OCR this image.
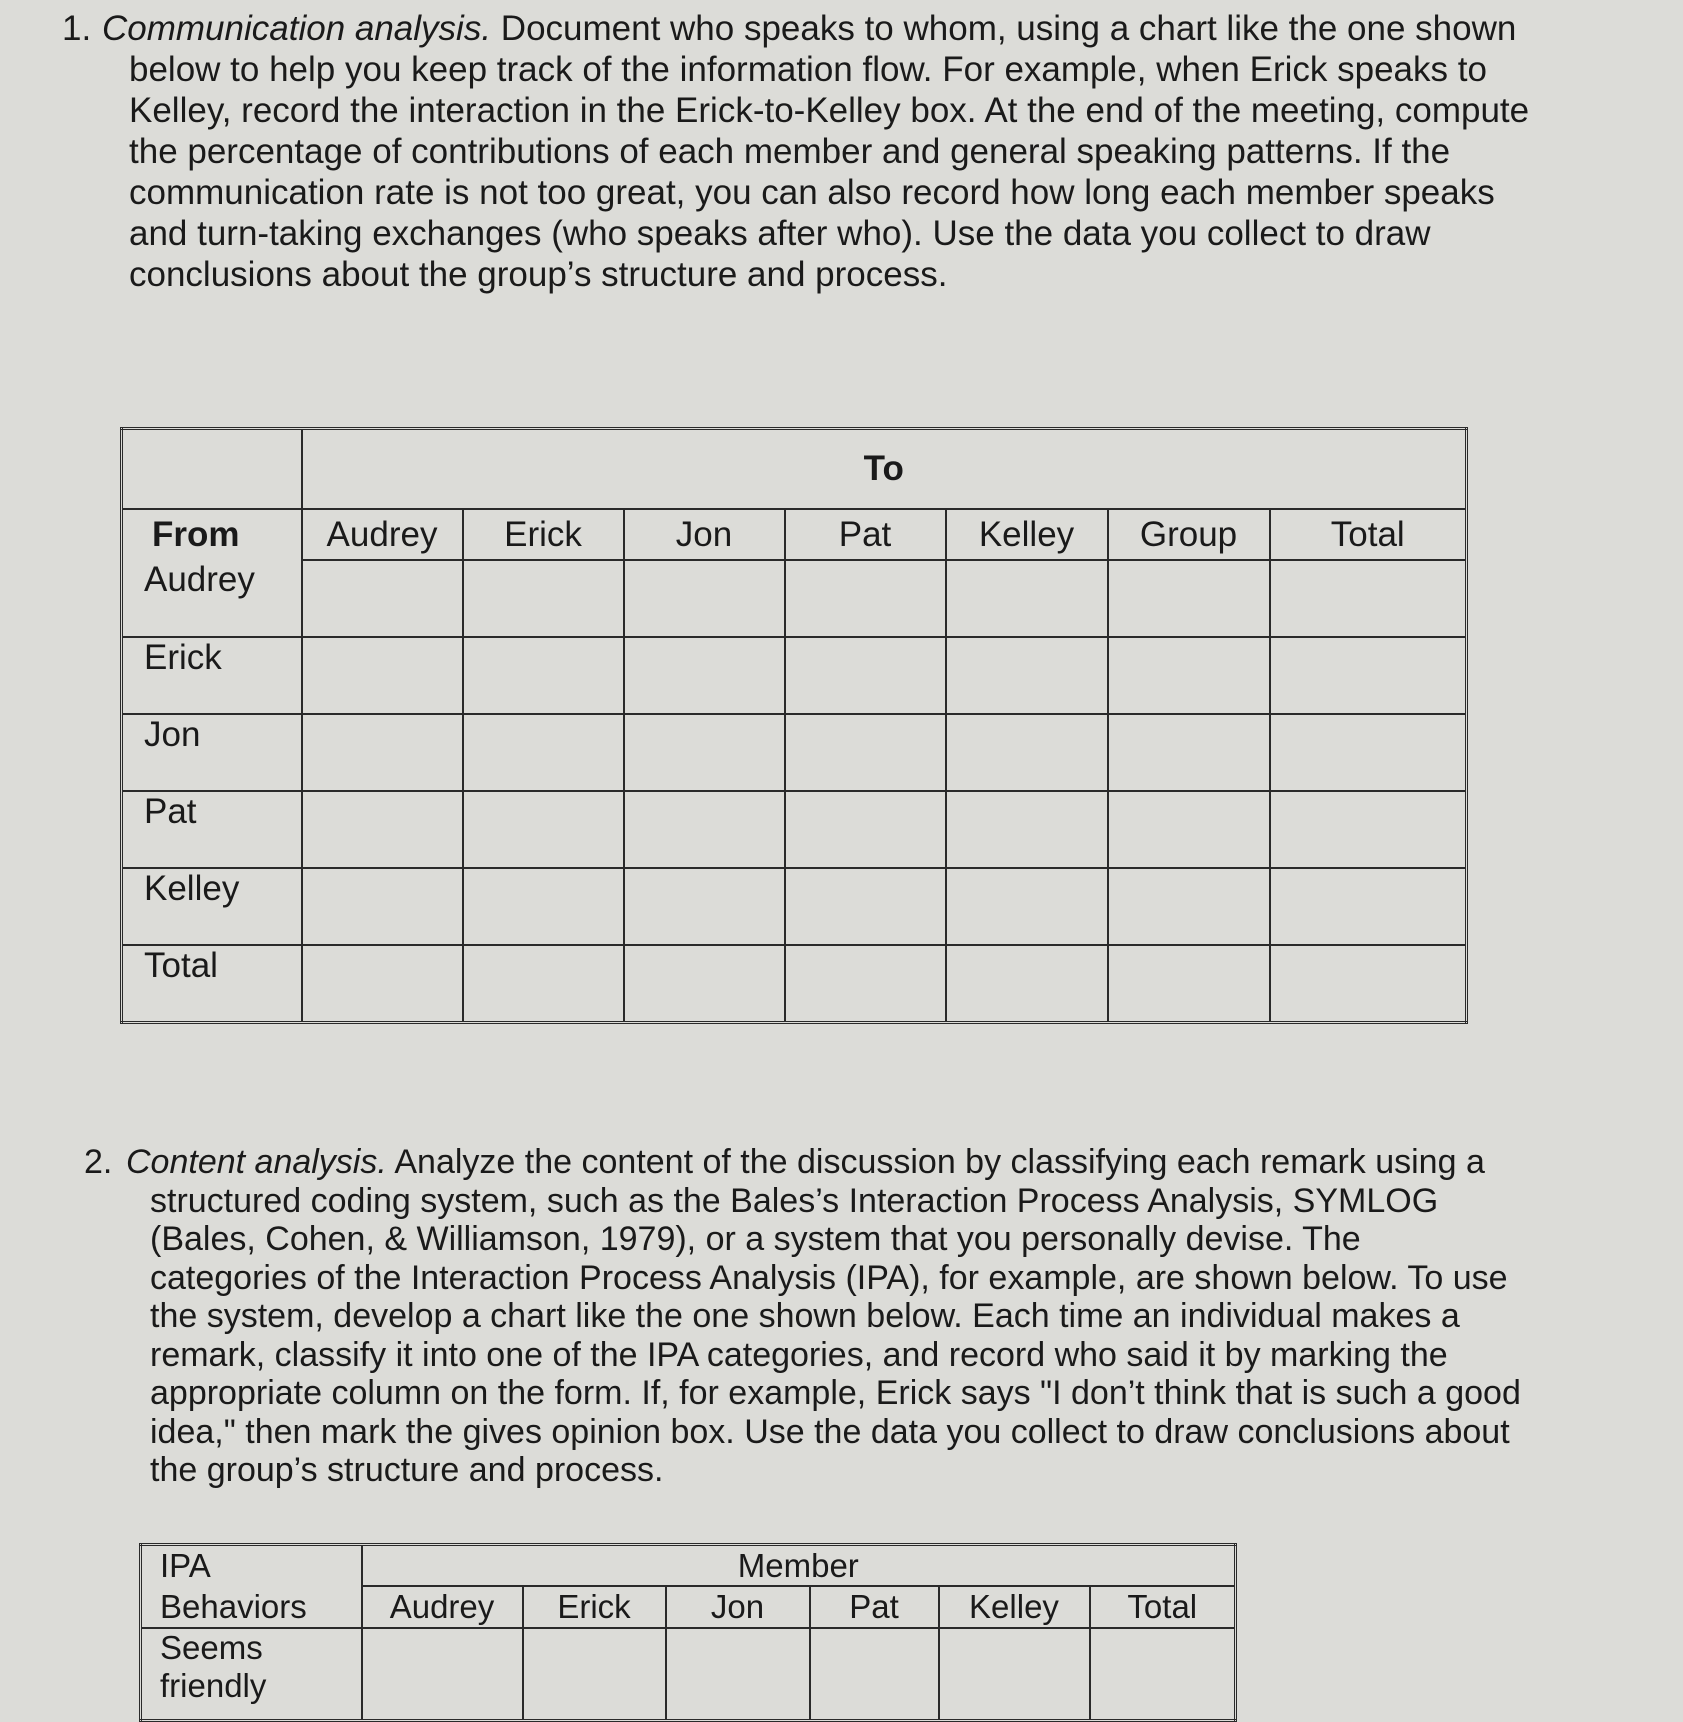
1. Communication analysis. Document who speaks to whom, using a chart like the one shown
below to help you keep track of the information flow. For example, when Erick speaks to
Kelley, record the interaction in the Erick-to-Kelley box. At the end of the meeting, compute
the percentage of contributions of each member and general speaking patterns. If the
communication rate is not too great, you can also record how long each member speaks
and turn-taking exchanges (who speaks after who). Use the data you collect to draw
conclusions about the group’s structure and process.
	To						
From	Audrey	Erick	Jon	Pat	Kelley	Group	Total
Audrey							
Erick							
Jon							
Pat							
Kelley							
Total							
2. Content analysis. Analyze the content of the discussion by classifying each remark using a
structured coding system, such as the Bales’s Interaction Process Analysis, SYMLOG
(Bales, Cohen, & Williamson, 1979), or a system that you personally devise. The
categories of the Interaction Process Analysis (IPA), for example, are shown below. To use
the system, develop a chart like the one shown below. Each time an individual makes a
remark, classify it into one of the IPA categories, and record who said it by marking the
appropriate column on the form. If, for example, Erick says "I don’t think that is such a good
idea," then mark the gives opinion box. Use the data you collect to draw conclusions about
the group’s structure and process.
IPA	Member					
Behaviors	Audrey	Erick	Jon	Pat	Kelley	Total
Seems
friendly						
